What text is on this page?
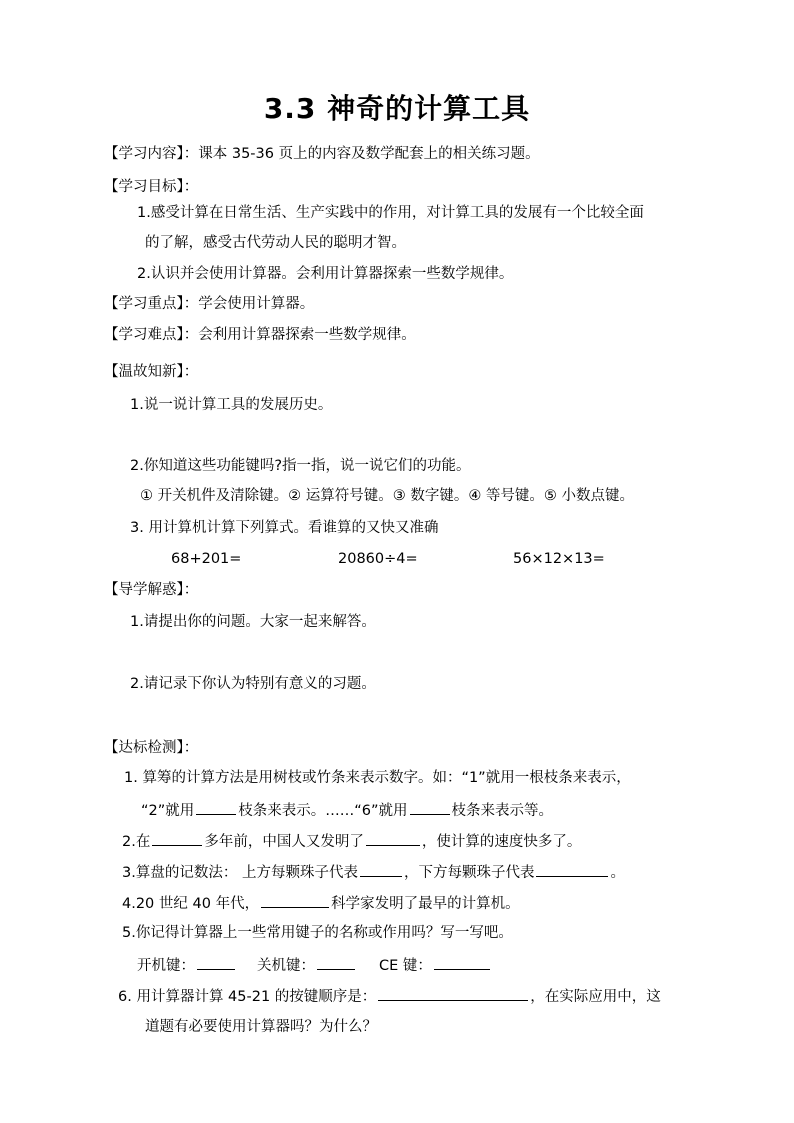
3.3 神奇的计算工具
【学习内容】：课本 35-36 页上的内容及数学配套上的相关练习题。
【学习目标】：
1.感受计算在日常生活、生产实践中的作用，对计算工具的发展有一个比较全面
的了解，感受古代劳动人民的聪明才智。
2.认识并会使用计算器。会利用计算器探索一些数学规律。
【学习重点】：学会使用计算器。
【学习难点】：会利用计算器探索一些数学规律。
【温故知新】：
1.说一说计算工具的发展历史。
2.你知道这些功能键吗?指一指，说一说它们的功能。
① 开关机件及清除键。② 运算符号键。③ 数字键。④ 等号键。⑤ 小数点键。
3. 用计算机计算下列算式。看谁算的又快又准确
68+201=	20860÷4=	56×12×13=
【导学解惑】：
1.请提出你的问题。大家一起来解答。
2.请记录下你认为特别有意义的习题。
【达标检测】：
1. 算筹的计算方法是用树枝或竹条来表示数字。如：“1”就用一根枝条来表示，
“2”就用	枝条来表示。……“6”就用	枝条来表示等。
2.在	多年前，中国人又发明了	，使计算的速度快多了。
3.算盘的记数法： 上方每颗珠子代表	，下方每颗珠子代表	。
4.20 世纪 40 年代，	科学家发明了最早的计算机。
5.你记得计算器上一些常用键子的名称或作用吗？写一写吧。
开机键：	关机键：	CE 键：
6. 用计算器计算 45-21 的按键顺序是：	，在实际应用中，这
道题有必要使用计算器吗？为什么？
